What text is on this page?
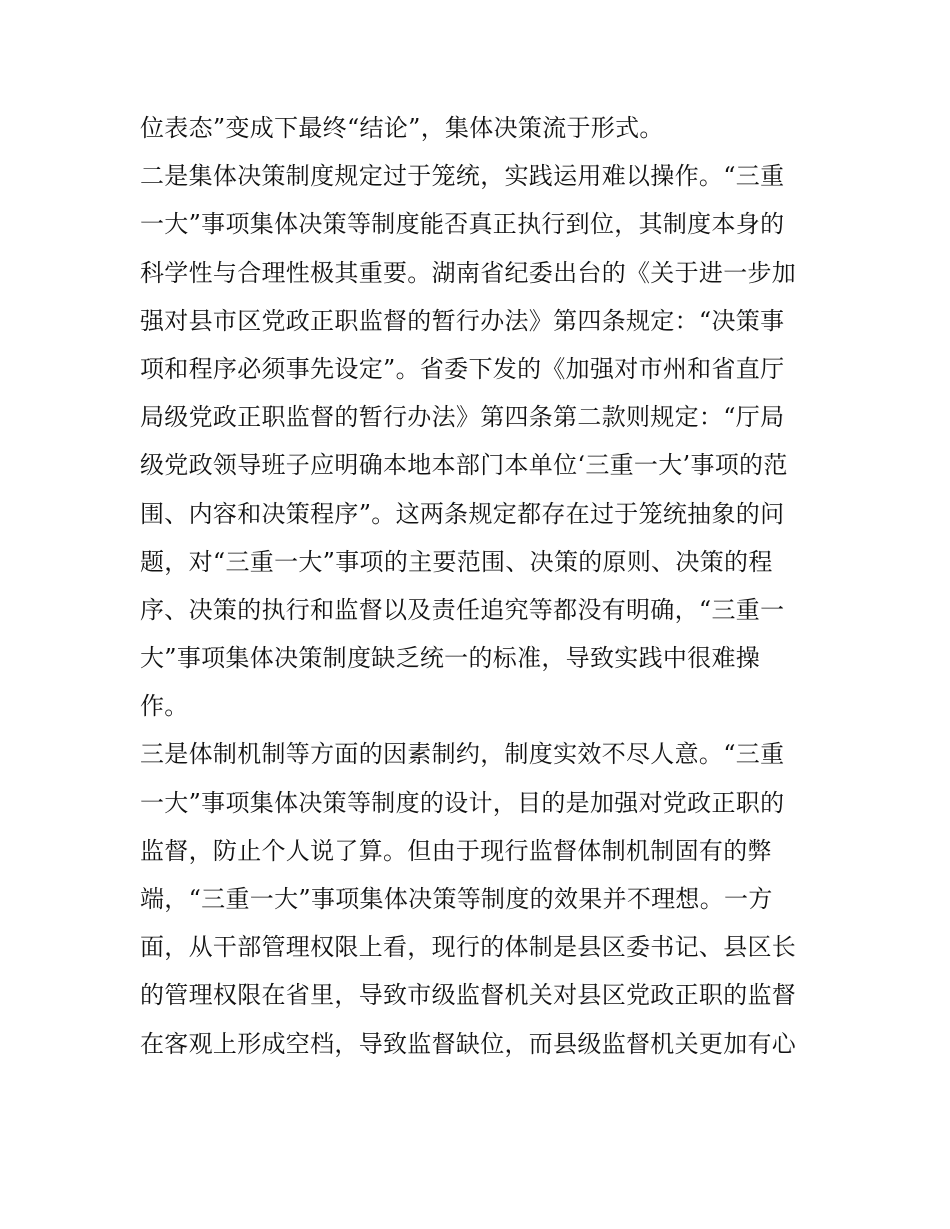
位表态”变成下最终“结论”，集体决策流于形式。
二是集体决策制度规定过于笼统，实践运用难以操作。“三重
一大”事项集体决策等制度能否真正执行到位，其制度本身的
科学性与合理性极其重要。湖南省纪委出台的《关于进一步加
强对县市区党政正职监督的暂行办法》第四条规定：“决策事
项和程序必须事先设定”。省委下发的《加强对市州和省直厅
局级党政正职监督的暂行办法》第四条第二款则规定：“厅局
级党政领导班子应明确本地本部门本单位‘三重一大’事项的范
围、内容和决策程序”。这两条规定都存在过于笼统抽象的问
题，对“三重一大”事项的主要范围、决策的原则、决策的程
序、决策的执行和监督以及责任追究等都没有明确，“三重一
大”事项集体决策制度缺乏统一的标准，导致实践中很难操
作。
三是体制机制等方面的因素制约，制度实效不尽人意。“三重
一大”事项集体决策等制度的设计，目的是加强对党政正职的
监督，防止个人说了算。但由于现行监督体制机制固有的弊
端，“三重一大”事项集体决策等制度的效果并不理想。一方
面，从干部管理权限上看，现行的体制是县区委书记、县区长
的管理权限在省里，导致市级监督机关对县区党政正职的监督
在客观上形成空档，导致监督缺位，而县级监督机关更加有心
